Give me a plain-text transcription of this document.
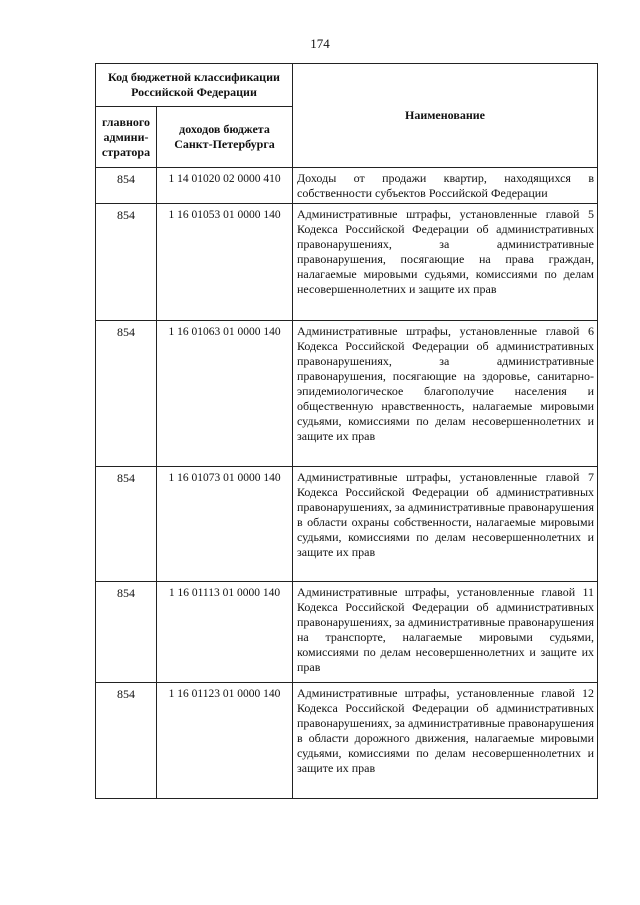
174
Код бюджетной классификации Российской Федерации		Наименование
главного админи-стратора	доходов бюджета Санкт-Петербурга	
854	1 14 01020 02 0000 410	Доходы от продажи квартир, находящихся в собственности субъектов Российской Федерации
854	1 16 01053 01 0000 140	Административные штрафы, установленные главой 5 Кодекса Российской Федерации об административных правонарушениях, за административные правонарушения, посягающие на права граждан, налагаемые мировыми судьями, комиссиями по делам несовершеннолетних и защите их прав
854	1 16 01063 01 0000 140	Административные штрафы, установленные главой 6 Кодекса Российской Федерации об административных правонарушениях, за административные правонарушения, посягающие на здоровье, санитарно-эпидемиологическое благополучие населения и общественную нравственность, налагаемые мировыми судьями, комиссиями по делам несовершеннолетних и защите их прав
854	1 16 01073 01 0000 140	Административные штрафы, установленные главой 7 Кодекса Российской Федерации об административных правонарушениях, за административные правонарушения в области охраны собственности, налагаемые мировыми судьями, комиссиями по делам несовершеннолетних и защите их прав
854	1 16 01113 01 0000 140	Административные штрафы, установленные главой 11 Кодекса Российской Федерации об административных правонарушениях, за административные правонарушения на транспорте, налагаемые мировыми судьями, комиссиями по делам несовершеннолетних и защите их прав
854	1 16 01123 01 0000 140	Административные штрафы, установленные главой 12 Кодекса Российской Федерации об административных правонарушениях, за административные правонарушения в области дорожного движения, налагаемые мировыми судьями, комиссиями по делам несовершеннолетних и защите их прав
